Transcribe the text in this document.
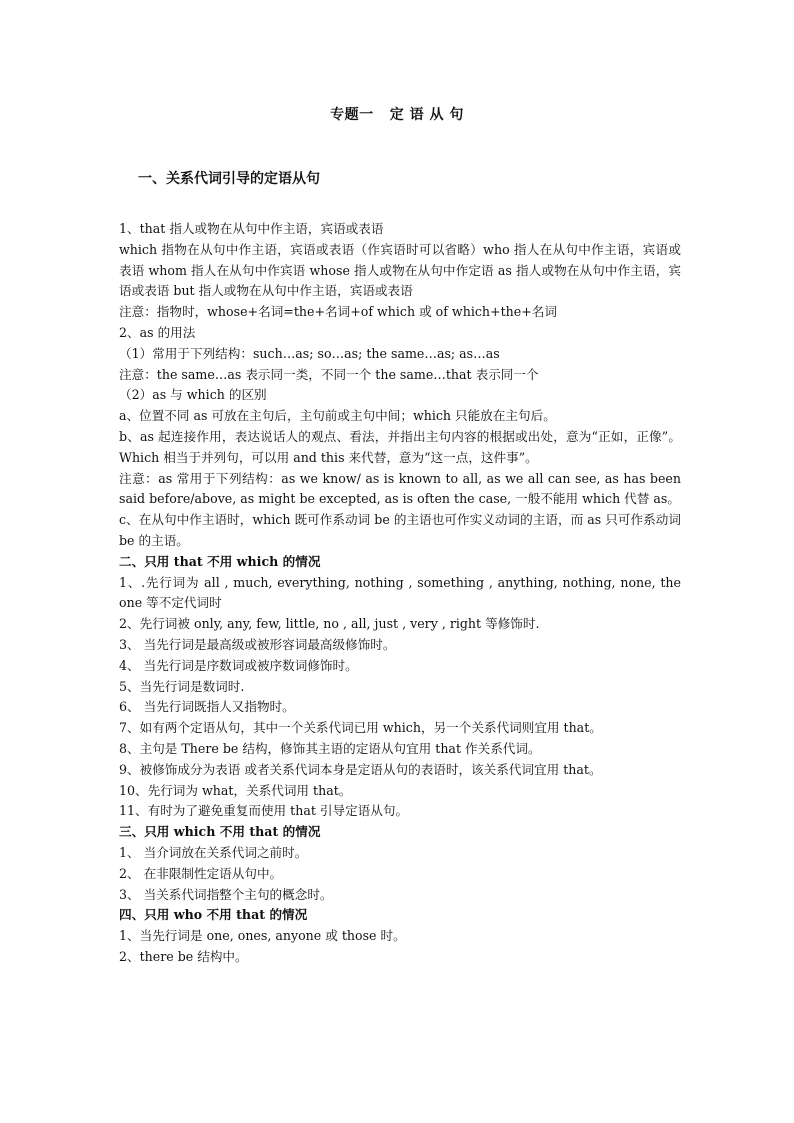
专题一   定 语 从 句
一、关系代词引导的定语从句

1、that 指人或物在从句中作主语，宾语或表语

which 指物在从句中作主语，宾语或表语（作宾语时可以省略）who 指人在从句中作主语，宾语或表语 whom 指人在从句中作宾语 whose 指人或物在从句中作定语 as 指人或物在从句中作主语，宾语或表语 but 指人或物在从句中作主语，宾语或表语

注意：指物时，whose+名词=the+名词+of which 或 of which+the+名词

2、as 的用法

（1）常用于下列结构：such…as; so…as; the same…as; as…as

注意：the same…as 表示同一类，不同一个 the same…that 表示同一个

（2）as 与 which 的区别

a、位置不同 as 可放在主句后，主句前或主句中间；which 只能放在主句后。

b、as 起连接作用，表达说话人的观点、看法，并指出主句内容的根据或出处，意为“正如，正像”。Which 相当于并列句，可以用 and this 来代替，意为“这一点，这件事”。

注意：as 常用于下列结构：as we know/ as is known to all, as we all can see, as has been said before/above, as might be excepted, as is often the case, 一般不能用 which 代替 as。

c、在从句中作主语时，which 既可作系动词 be 的主语也可作实义动词的主语，而 as 只可作系动词 be 的主语。

二、只用 that 不用 which 的情况

1、.先行词为 all , much, everything, nothing , something , anything, nothing, none, the one 等不定代词时

2、先行词被 only, any, few, little, no , all, just , very , right 等修饰时.

3、 当先行词是最高级或被形容词最高级修饰时。

4、 当先行词是序数词或被序数词修饰时。

5、当先行词是数词时.

6、 当先行词既指人又指物时。

7、如有两个定语从句，其中一个关系代词已用 which，另一个关系代词则宜用 that。

8、主句是 There be 结构，修饰其主语的定语从句宜用 that 作关系代词。

9、被修饰成分为表语 或者关系代词本身是定语从句的表语时，该关系代词宜用 that。

10、先行词为 what，关系代词用 that。

11、有时为了避免重复而使用 that 引导定语从句。

三、只用 which 不用 that 的情况

1、 当介词放在关系代词之前时。

2、 在非限制性定语从句中。

3、 当关系代词指整个主句的概念时。

四、只用 who 不用 that 的情况

1、当先行词是 one, ones, anyone 或 those 时。

2、there be 结构中。
